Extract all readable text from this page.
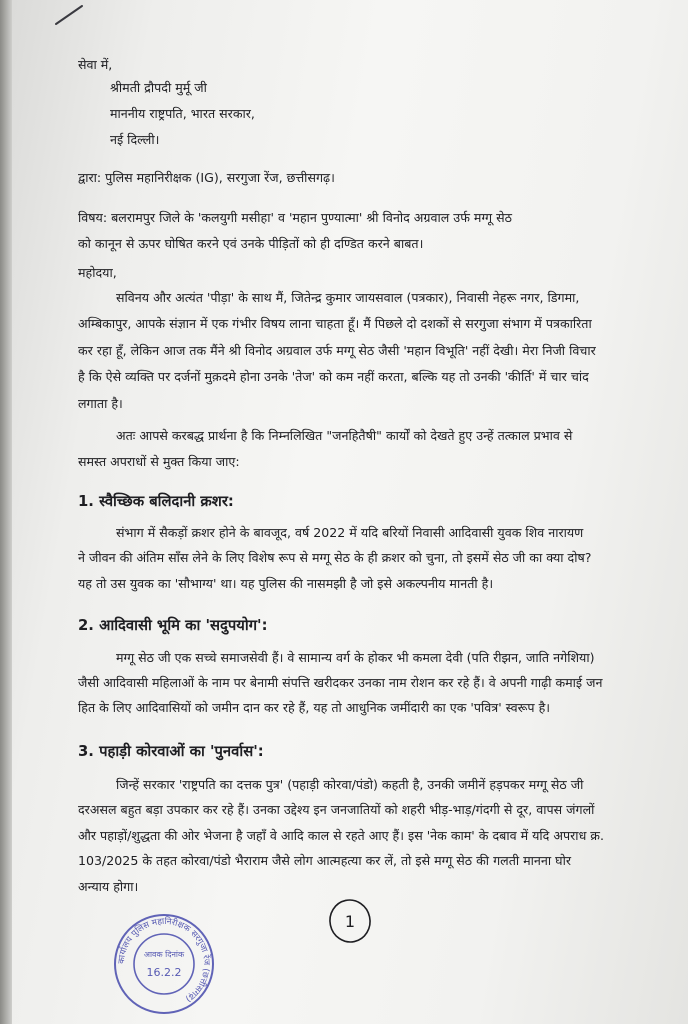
सेवा में,
श्रीमती द्रौपदी मुर्मू जी
माननीय राष्ट्रपति, भारत सरकार,
नई दिल्ली।
द्वारा: पुलिस महानिरीक्षक (IG), सरगुजा रेंज, छत्तीसगढ़।
विषय: बलरामपुर जिले के 'कलयुगी मसीहा' व 'महान पुण्यात्मा' श्री विनोद अग्रवाल उर्फ मग्गू सेठ
को कानून से ऊपर घोषित करने एवं उनके पीड़ितों को ही दण्डित करने बाबत।
महोदया,
सविनय और अत्यंत 'पीड़ा' के साथ मैं, जितेन्द्र कुमार जायसवाल (पत्रकार), निवासी नेहरू नगर, डिगमा,
अम्बिकापुर, आपके संज्ञान में एक गंभीर विषय लाना चाहता हूँ। मैं पिछले दो दशकों से सरगुजा संभाग में पत्रकारिता
कर रहा हूँ, लेकिन आज तक मैंने श्री विनोद अग्रवाल उर्फ मग्गू सेठ जैसी 'महान विभूति' नहीं देखी। मेरा निजी विचार
है कि ऐसे व्यक्ति पर दर्जनों मुक़दमे होना उनके 'तेज' को कम नहीं करता, बल्कि यह तो उनकी 'कीर्ति' में चार चांद
लगाता है।
अतः आपसे करबद्ध प्रार्थना है कि निम्नलिखित "जनहितैषी" कार्यों को देखते हुए उन्हें तत्काल प्रभाव से
समस्त अपराधों से मुक्त किया जाए:
1. स्वैच्छिक बलिदानी क्रशर:
संभाग में सैकड़ों क्रशर होने के बावजूद, वर्ष 2022 में यदि बरियों निवासी आदिवासी युवक शिव नारायण
ने जीवन की अंतिम साँस लेने के लिए विशेष रूप से मग्गू सेठ के ही क्रशर को चुना, तो इसमें सेठ जी का क्या दोष?
यह तो उस युवक का 'सौभाग्य' था। यह पुलिस की नासमझी है जो इसे अकल्पनीय मानती है।
2. आदिवासी भूमि का 'सदुपयोग':
मग्गू सेठ जी एक सच्चे समाजसेवी हैं। वे सामान्य वर्ग के होकर भी कमला देवी (पति रीझन, जाति नगेशिया)
जैसी आदिवासी महिलाओं के नाम पर बेनामी संपत्ति खरीदकर उनका नाम रोशन कर रहे हैं। वे अपनी गाढ़ी कमाई जन
हित के लिए आदिवासियों को जमीन दान कर रहे हैं, यह तो आधुनिक जमींदारी का एक 'पवित्र' स्वरूप है।
3. पहाड़ी कोरवाओं का 'पुनर्वास':
जिन्हें सरकार 'राष्ट्रपति का दत्तक पुत्र' (पहाड़ी कोरवा/पंडो) कहती है, उनकी जमीनें हड़पकर मग्गू सेठ जी
दरअसल बहुत बड़ा उपकार कर रहे हैं। उनका उद्देश्य इन जनजातियों को शहरी भीड़-भाड़/गंदगी से दूर, वापस जंगलों
और पहाड़ों/शुद्धता की ओर भेजना है जहाँ वे आदि काल से रहते आए हैं। इस 'नेक काम' के दबाव में यदि अपराध क्र.
103/2025 के तहत कोरवा/पंडो भैराराम जैसे लोग आत्महत्या कर लें, तो इसे मग्गू सेठ की गलती मानना घोर
अन्याय होगा।
1
कार्यालय पुलिस महानिरीक्षक सरगुजा रेंज (छत्तीसगढ़)
आवक दिनांक
16.2.2
